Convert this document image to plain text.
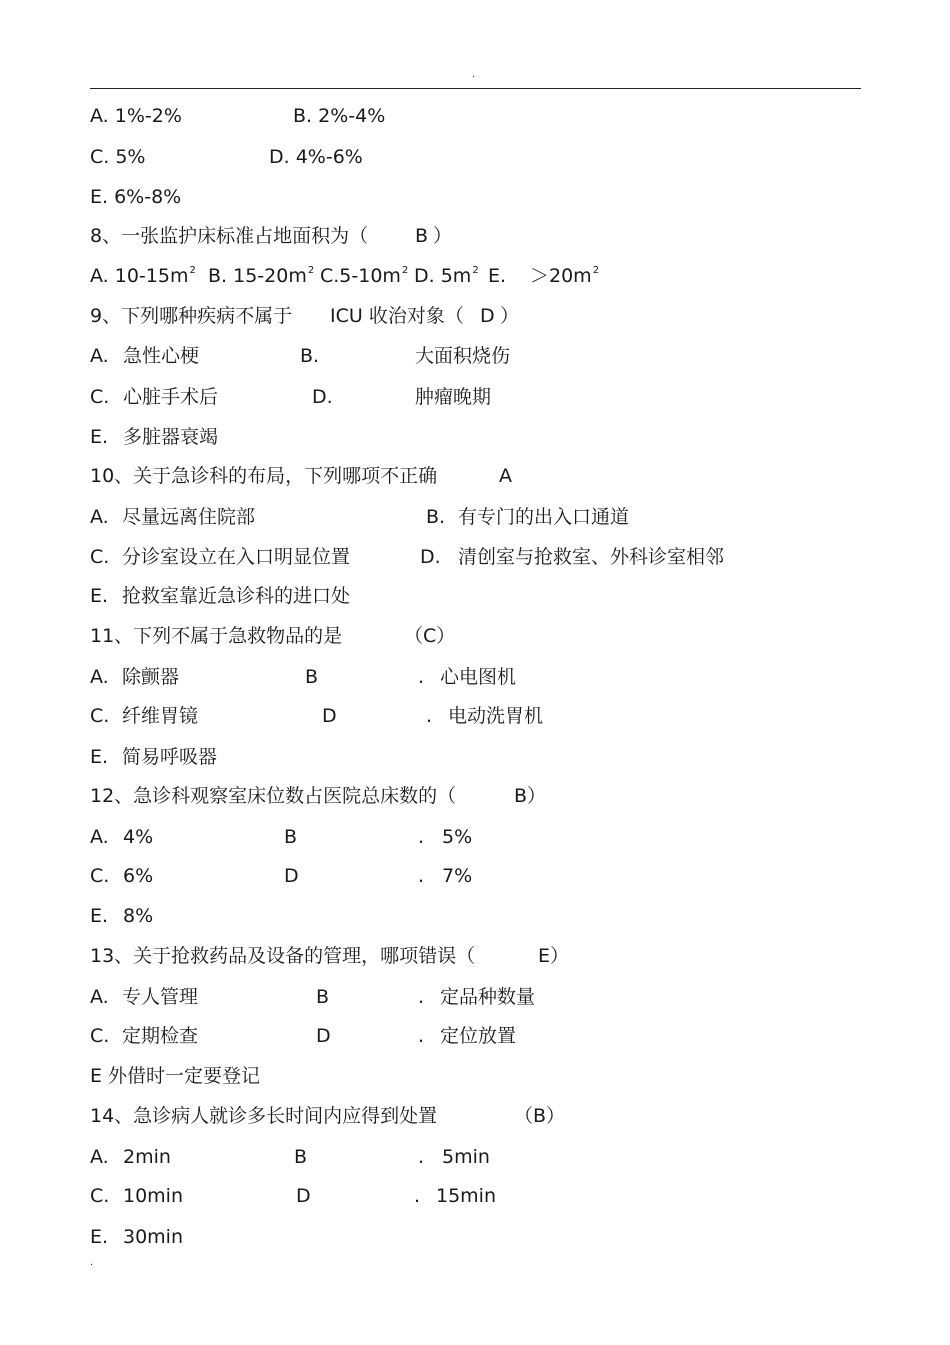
.
A. 1%-2%	B. 2%-4%
C. 5%	D. 4%-6%
E. 6%-8%
8、一张监护床标准占地面积为（ B ）
A. $10-15m^2$ B. $15-20m^2$ $C.5-10m^2$ D. $5m^2$ E. $>20m^2$
9、下列哪种疾病不属于 ICU 收治对象（ D ）
A. 急性心梗	B.	大面积烧伤
C. 心脏手术后	D.	肿瘤晚期
E. 多脏器衰竭
10、关于急诊科的布局，下列哪项不正确	A
A. 尽量远离住院部	B. 有专门的出入口通道
C. 分诊室设立在入口明显位置	D. 清创室与抢救室、外科诊室相邻
E. 抢救室靠近急诊科的进口处
11、下列不属于急救物品的是	（C）
A. 除颤器	B	. 心电图机
C. 纤维胃镜	D	. 电动洗胃机
E. 简易呼吸器
12、急诊科观察室床位数占医院总床数的（	B）
A. 4%	B	. 5%
C. 6%	D	. 7%
E. 8%
13、关于抢救药品及设备的管理，哪项错误（	E）
A. 专人管理	B	. 定品种数量
C. 定期检查	D	. 定位放置
E 外借时一定要登记
14、急诊病人就诊多长时间内应得到处置	（B）
A. 2min	B	. 5min
C. 10min	D	. 15min
E. 30min
.
